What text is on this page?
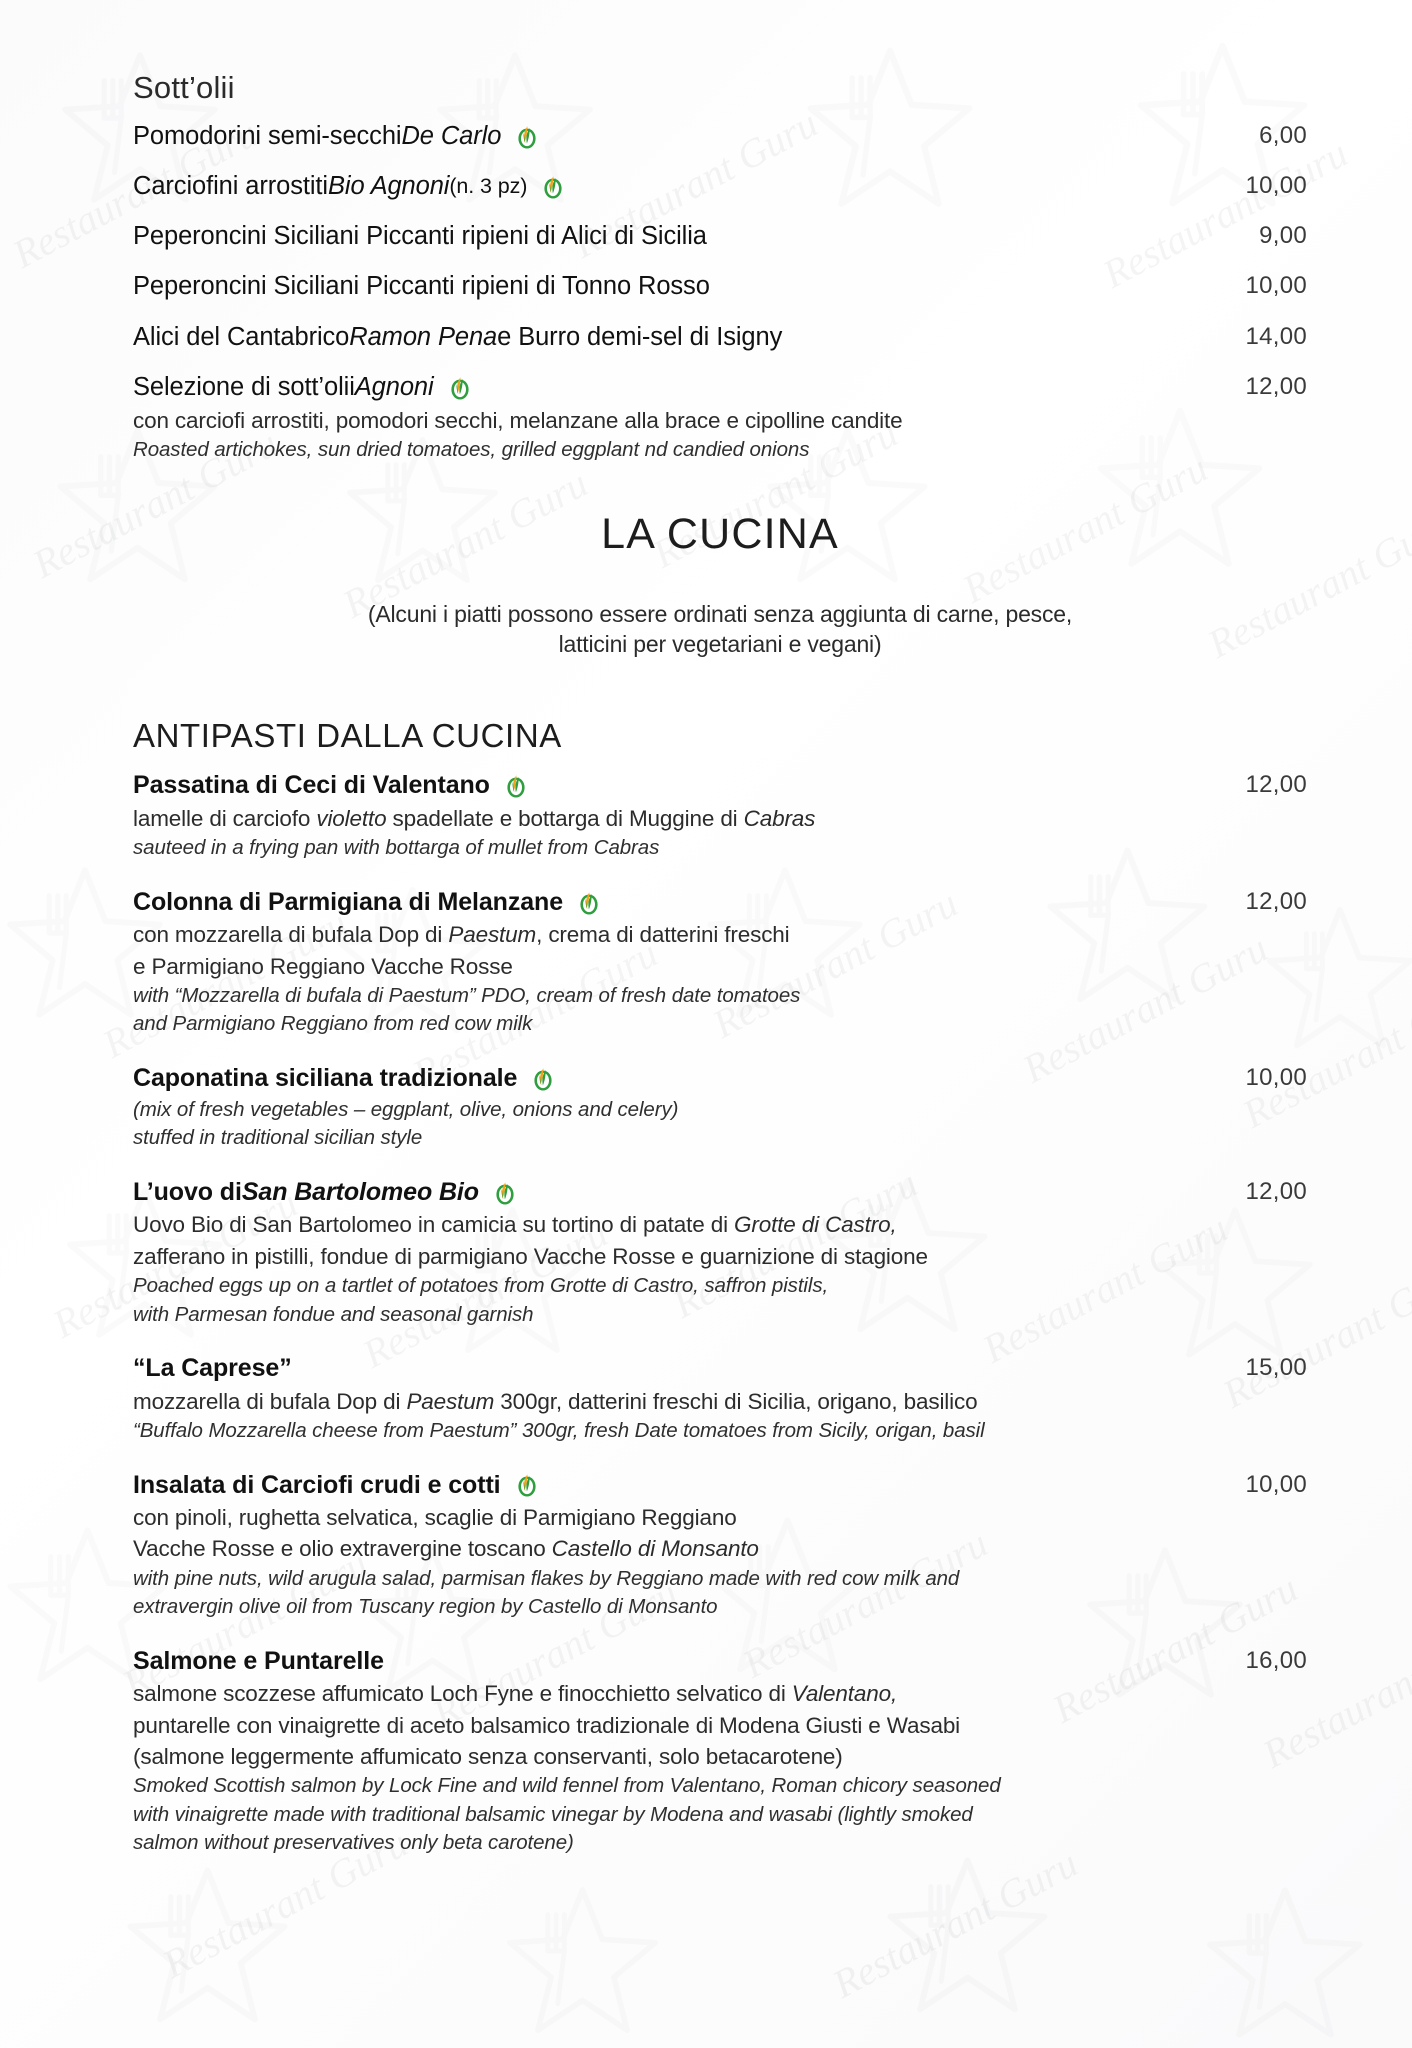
Sott’olii
Pomodorini semi-secchi De Carlo	6,00
Carciofini arrostiti Bio Agnoni (n. 3 pz)	10,00
Peperoncini Siciliani Piccanti ripieni di Alici di Sicilia	9,00
Peperoncini Siciliani Piccanti ripieni di Tonno Rosso	10,00
Alici del Cantabrico Ramon Pena e Burro demi-sel di Isigny	14,00
Selezione di sott’olii Agnoni	12,00
con carciofi arrostiti, pomodori secchi, melanzane alla brace e cipolline candite
Roasted artichokes, sun dried tomatoes, grilled eggplant nd candied onions
LA CUCINA
(Alcuni i piatti possono essere ordinati senza aggiunta di carne, pesce,
latticini per vegetariani e vegani)
ANTIPASTI DALLA CUCINA
Passatina di Ceci di Valentano	12,00
lamelle di carciofo violetto spadellate e bottarga di Muggine di Cabras
sauteed in a frying pan with bottarga of mullet from Cabras
Colonna di Parmigiana di Melanzane	12,00
con mozzarella di bufala Dop di Paestum, crema di datterini freschi
e Parmigiano Reggiano Vacche Rosse
with “Mozzarella di bufala di Paestum” PDO, cream of fresh date tomatoes
and Parmigiano Reggiano from red cow milk
Caponatina siciliana tradizionale	10,00
(mix of fresh vegetables – eggplant, olive, onions and celery)
stuffed in traditional sicilian style
L’uovo di San Bartolomeo Bio	12,00
Uovo Bio di San Bartolomeo in camicia su tortino di patate di Grotte di Castro,
zafferano in pistilli, fondue di parmigiano Vacche Rosse e guarnizione di stagione
Poached eggs up on a tartlet of potatoes from Grotte di Castro, saffron pistils,
with Parmesan fondue and seasonal garnish
“La Caprese”	15,00
mozzarella di bufala Dop di Paestum 300gr, datterini freschi di Sicilia, origano, basilico
“Buffalo Mozzarella cheese from Paestum” 300gr, fresh Date tomatoes from Sicily, origan, basil
Insalata di Carciofi crudi e cotti	10,00
con pinoli, rughetta selvatica, scaglie di Parmigiano Reggiano
Vacche Rosse e olio extravergine toscano Castello di Monsanto
with pine nuts, wild arugula salad, parmisan flakes by Reggiano made with red cow milk and
extravergin olive oil from Tuscany region by Castello di Monsanto
Salmone e Puntarelle	16,00
salmone scozzese affumicato Loch Fyne e finocchietto selvatico di Valentano,
puntarelle con vinaigrette di aceto balsamico tradizionale di Modena Giusti e Wasabi
(salmone leggermente affumicato senza conservanti, solo betacarotene)
Smoked Scottish salmon by Lock Fine and wild fennel from Valentano, Roman chicory seasoned
with vinaigrette made with traditional balsamic vinegar by Modena and wasabi (lightly smoked
salmon without preservatives only beta carotene)
